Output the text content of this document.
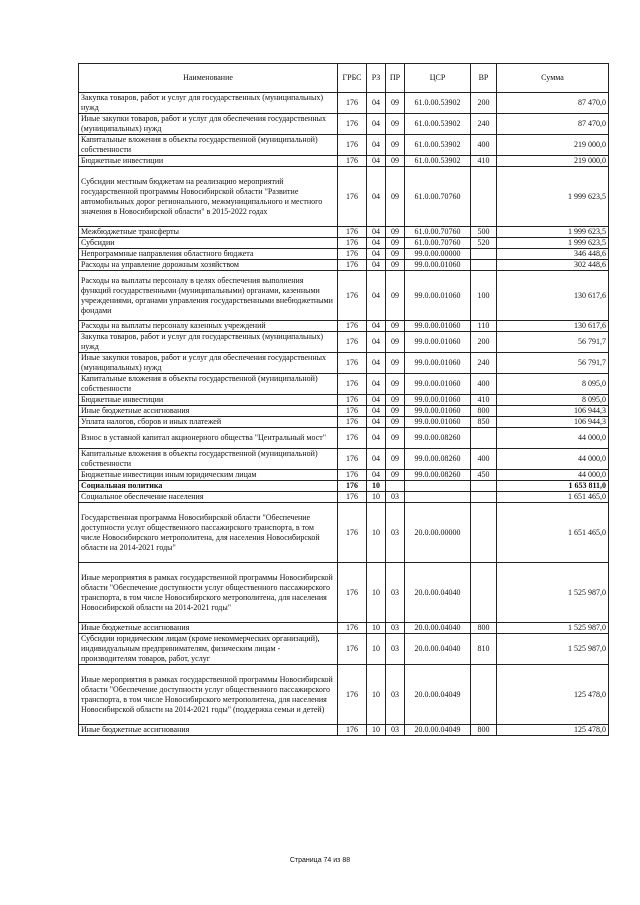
Наименование	ГРБС	РЗ	ПР	ЦСР	ВР	Сумма
Закупка товаров, работ и услуг для государственных (муниципальных) нужд	176	04	09	61.0.00.53902	200	87 470,0
Иные закупки товаров, работ и услуг для обеспечения государственных (муниципальных) нужд	176	04	09	61.0.00.53902	240	87 470,0
Капитальные вложения в объекты государственной (муниципальной) собственности	176	04	09	61.0.00.53902	400	219 000,0
Бюджетные инвестиции	176	04	09	61.0.00.53902	410	219 000,0
Субсидии местным бюджетам на реализацию мероприятий государственной программы Новосибирской области "Развитие автомобильных дорог регионального, межмуниципального и местного значения в Новосибирской области" в 2015-2022 годах	176	04	09	61.0.00.70760		1 999 623,5
Межбюджетные трансферты	176	04	09	61.0.00.70760	500	1 999 623,5
Субсидии	176	04	09	61.0.00.70760	520	1 999 623,5
Непрограммные направления областного бюджета	176	04	09	99.0.00.00000		346 448,6
Расходы на управление дорожным хозяйством	176	04	09	99.0.00.01060		302 448,6
Расходы на выплаты персоналу в целях обеспечения выполнения функций государственными (муниципальными) органами, казенными учреждениями, органами управления государственными внебюджетными фондами	176	04	09	99.0.00.01060	100	130 617,6
Расходы на выплаты персоналу казенных учреждений	176	04	09	99.0.00.01060	110	130 617,6
Закупка товаров, работ и услуг для государственных (муниципальных) нужд	176	04	09	99.0.00.01060	200	56 791,7
Иные закупки товаров, работ и услуг для обеспечения государственных (муниципальных) нужд	176	04	09	99.0.00.01060	240	56 791,7
Капитальные вложения в объекты государственной (муниципальной) собственности	176	04	09	99.0.00.01060	400	8 095,0
Бюджетные инвестиции	176	04	09	99.0.00.01060	410	8 095,0
Иные бюджетные ассигнования	176	04	09	99.0.00.01060	800	106 944,3
Уплата налогов, сборов и иных платежей	176	04	09	99.0.00.01060	850	106 944,3
Взнос в уставной капитал акционерного общества "Центральный мост"	176	04	09	99.0.00.08260		44 000,0
Капитальные вложения в объекты государственной (муниципальной) собственности	176	04	09	99.0.00.08260	400	44 000,0
Бюджетные инвестиции иным юридическим лицам	176	04	09	99.0.00.08260	450	44 000,0
Социальная политика	176	10				1 653 811,0
Социальное обеспечение населения	176	10	03			1 651 465,0
Государственная программа Новосибирской области "Обеспечение доступности услуг общественного пассажирского транспорта, в том числе Новосибирского метрополитена, для населения Новосибирской области на 2014-2021 годы"	176	10	03	20.0.00.00000		1 651 465,0
Иные мероприятия в рамках государственной программы Новосибирской области "Обеспечение доступности услуг общественного пассажирского транспорта, в том числе Новосибирского метрополитена, для населения Новосибирской области на 2014-2021 годы"	176	10	03	20.0.00.04040		1 525 987,0
Иные бюджетные ассигнования	176	10	03	20.0.00.04040	800	1 525 987,0
Субсидии юридическим лицам (кроме некоммерческих организаций), индивидуальным предпринимателям, физическим лицам - производителям товаров, работ, услуг	176	10	03	20.0.00.04040	810	1 525 987,0
Иные мероприятия в рамках государственной программы Новосибирской области "Обеспечение доступности услуг общественного пассажирского транспорта, в том числе Новосибирского метрополитена, для населения Новосибирской области на 2014-2021 годы" (поддержка семьи и детей)	176	10	03	20.0.00.04049		125 478,0
Иные бюджетные ассигнования	176	10	03	20.0.00.04049	800	125 478,0
Страница 74 из 88
